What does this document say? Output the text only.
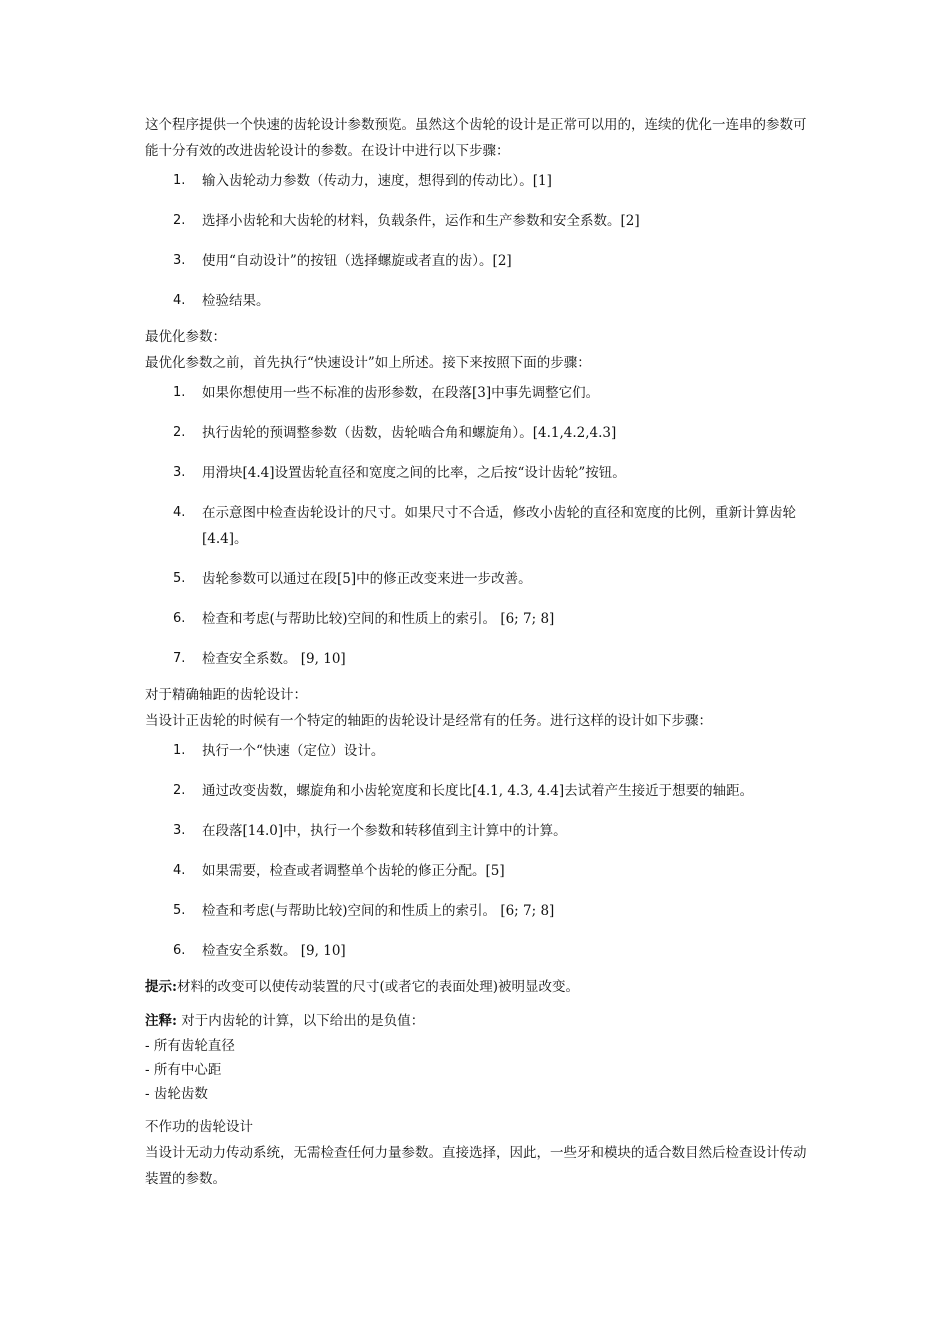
这个程序提供一个快速的齿轮设计参数预览。虽然这个齿轮的设计是正常可以用的，连续的优化一连串的参数可能十分有效的改进齿轮设计的参数。在设计中进行以下步骤：

1.	输入齿轮动力参数（传动力，速度，想得到的传动比）。[1]
2.	选择小齿轮和大齿轮的材料，负载条件，运作和生产参数和安全系数。[2]
3.	使用“自动设计”的按钮（选择螺旋或者直的齿）。[2]
4.	检验结果。

最优化参数：

最优化参数之前，首先执行“快速设计”如上所述。接下来按照下面的步骤：

1.	如果你想使用一些不标准的齿形参数，在段落[3]中事先调整它们。
2.	执行齿轮的预调整参数（齿数，齿轮啮合角和螺旋角）。[4.1,4.2,4.3]
3.	用滑块[4.4]设置齿轮直径和宽度之间的比率，之后按“设计齿轮”按钮。
4.	在示意图中检查齿轮设计的尺寸。如果尺寸不合适，修改小齿轮的直径和宽度的比例，重新计算齿轮[4.4]。
5.	齿轮参数可以通过在段[5]中的修正改变来进一步改善。
6.	检查和考虑(与帮助比较)空间的和性质上的索引。 [6; 7; 8]
7.	检查安全系数。 [9, 10]

对于精确轴距的齿轮设计：

当设计正齿轮的时候有一个特定的轴距的齿轮设计是经常有的任务。进行这样的设计如下步骤：

1.	执行一个“快速（定位）设计。
2.	通过改变齿数，螺旋角和小齿轮宽度和长度比[4.1, 4.3, 4.4]去试着产生接近于想要的轴距。
3.	在段落[14.0]中，执行一个参数和转移值到主计算中的计算。
4.	如果需要，检查或者调整单个齿轮的修正分配。[5]
5.	检查和考虑(与帮助比较)空间的和性质上的索引。 [6; 7; 8]
6.	检查安全系数。 [9, 10]

提示:材料的改变可以使传动装置的尺寸(或者它的表面处理)被明显改变。

注释: 对于内齿轮的计算，以下给出的是负值：

- 所有齿轮直径
- 所有中心距
- 齿轮齿数

不作功的齿轮设计

当设计无动力传动系统，无需检查任何力量参数。直接选择，因此，一些牙和模块的适合数目然后检查设计传动装置的参数。
